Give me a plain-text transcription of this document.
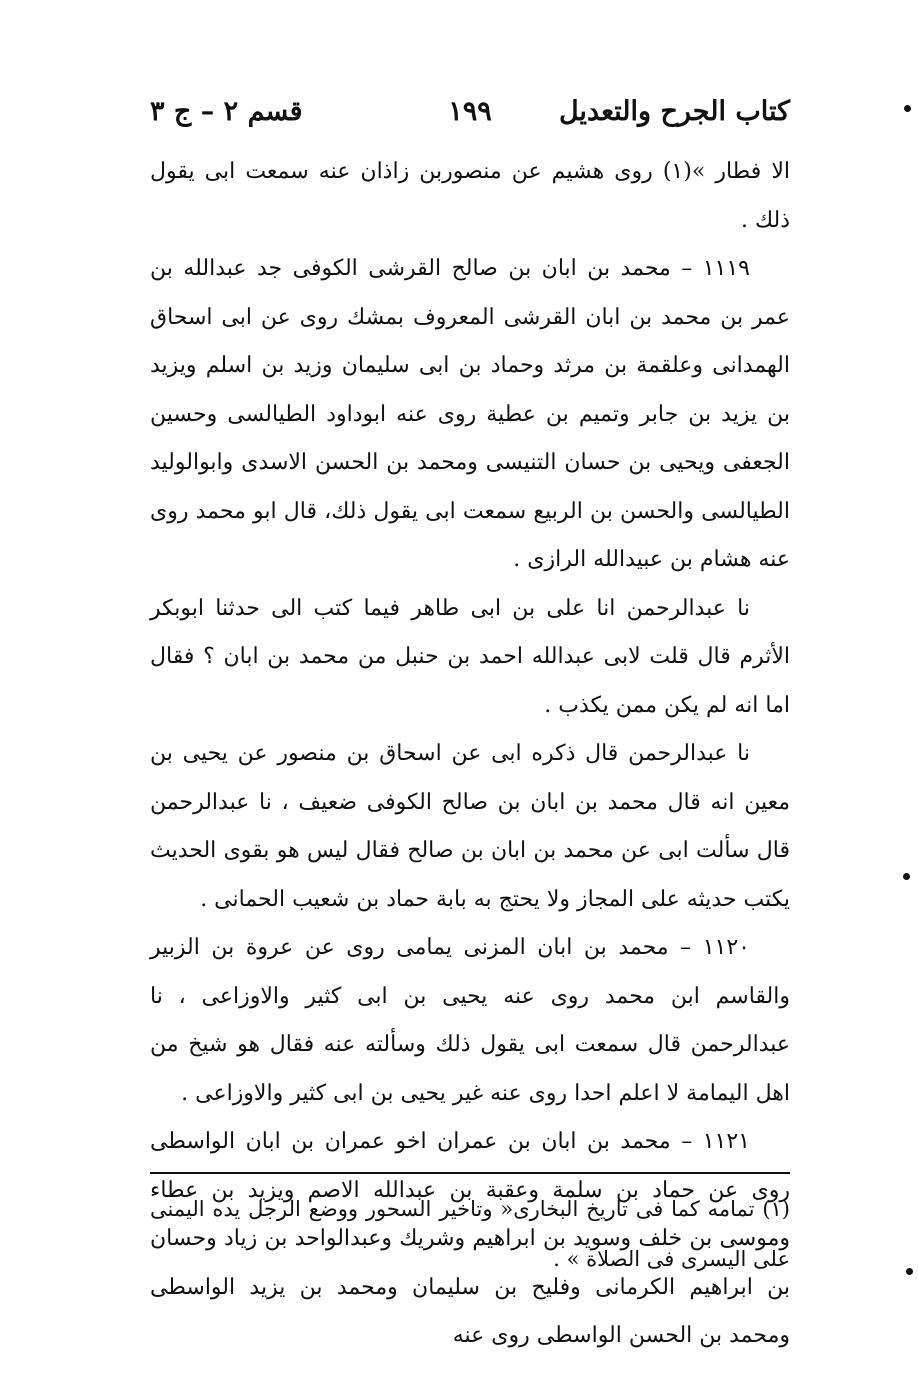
كتاب الجرح والتعديل
١٩٩
قسم ٢ – ج ٣

الا فطار »(١) روى هشيم عن منصوربن زاذان عنه سمعت ابى يقول ذلك .

١١١٩ – محمد بن ابان بن صالح القرشى الكوفى جد عبدالله بن عمر بن محمد بن ابان القرشى المعروف بمشك روى عن ابى اسحاق الهمدانى وعلقمة بن مرثد وحماد بن ابى سليمان وزيد بن اسلم ويزيد بن يزيد بن جابر وتميم بن عطية روى عنه ابوداود الطيالسى وحسين الجعفى ويحيى بن حسان التنيسى ومحمد بن الحسن الاسدى وابوالوليد الطيالسى والحسن بن الربيع سمعت ابى يقول ذلك، قال ابو محمد روى عنه هشام بن عبيدالله الرازى .

نا عبدالرحمن انا على بن ابى طاهر فيما كتب الى حدثنا ابوبكر الأثرم قال قلت لابى عبدالله احمد بن حنبل من محمد بن ابان ؟ فقال اما انه لم يكن ممن يكذب .

نا عبدالرحمن قال ذكره ابى عن اسحاق بن منصور عن يحيى بن معين انه قال محمد بن ابان بن صالح الكوفى ضعيف ، نا عبدالرحمن قال سألت ابى عن محمد بن ابان بن صالح فقال ليس هو بقوى الحديث يكتب حديثه على المجاز ولا يحتج به بابة حماد بن شعيب الحمانى .

١١٢٠ – محمد بن ابان المزنى يمامى روى عن عروة بن الزبير والقاسم ابن محمد روى عنه يحيى بن ابى كثير والاوزاعى ، نا عبدالرحمن قال سمعت ابى يقول ذلك وسألته عنه فقال هو شيخ من اهل اليمامة لا اعلم احدا روى عنه غير يحيى بن ابى كثير والاوزاعى .

١١٢١ – محمد بن ابان بن عمران اخو عمران بن ابان الواسطى روى عن حماد بن سلمة وعقبة بن عبدالله الاصم ويزيد بن عطاء وموسى بن خلف وسويد بن ابراهيم وشريك وعبدالواحد بن زياد وحسان بن ابراهيم الكرمانى وفليح بن سليمان ومحمد بن يزيد الواسطى ومحمد بن الحسن الواسطى روى عنه

(١) تمامه كما فى تاريخ البخارى« وتاخير السحور ووضع الرجل يده اليمنى على اليسرى فى الصلاة » .
